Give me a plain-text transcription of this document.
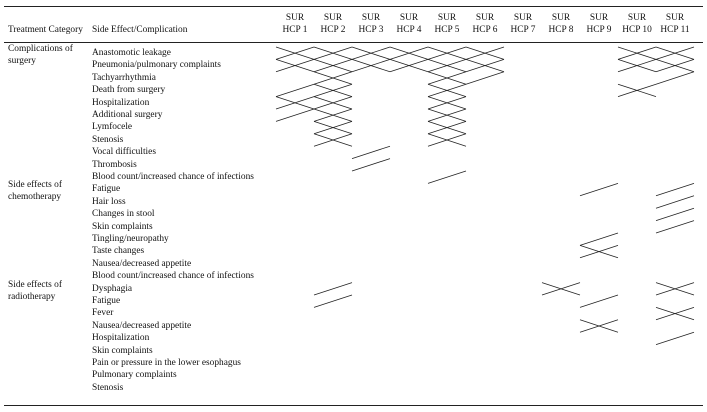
Treatment Category Side Effect/Complication
SUR
HCP 1
SUR
HCP 2
SUR
HCP 3
SUR
HCP 4
SUR
HCP 5
SUR
HCP 6
SUR
HCP 7
SUR
HCP 8
SUR
HCP 9
SUR
HCP 10
SUR
HCP 11
Complications of surgery
Anastomotic leakage
Pneumonia/pulmonary complaints
Tachyarrhythmia
Death from surgery
Hospitalization
Additional surgery
Lymfocele
Stenosis
Vocal difficulties
Thrombosis
Blood count/increased chance of infections
Side effects of chemotherapy
Fatigue
Hair loss
Changes in stool
Skin complaints
Tingling/neuropathy
Taste changes
Nausea/decreased appetite
Blood count/increased chance of infections
Side effects of radiotherapy
Dysphagia
Fatigue
Fever
Nausea/decreased appetite
Hospitalization
Skin complaints
Pain or pressure in the lower esophagus
Pulmonary complaints
Stenosis
